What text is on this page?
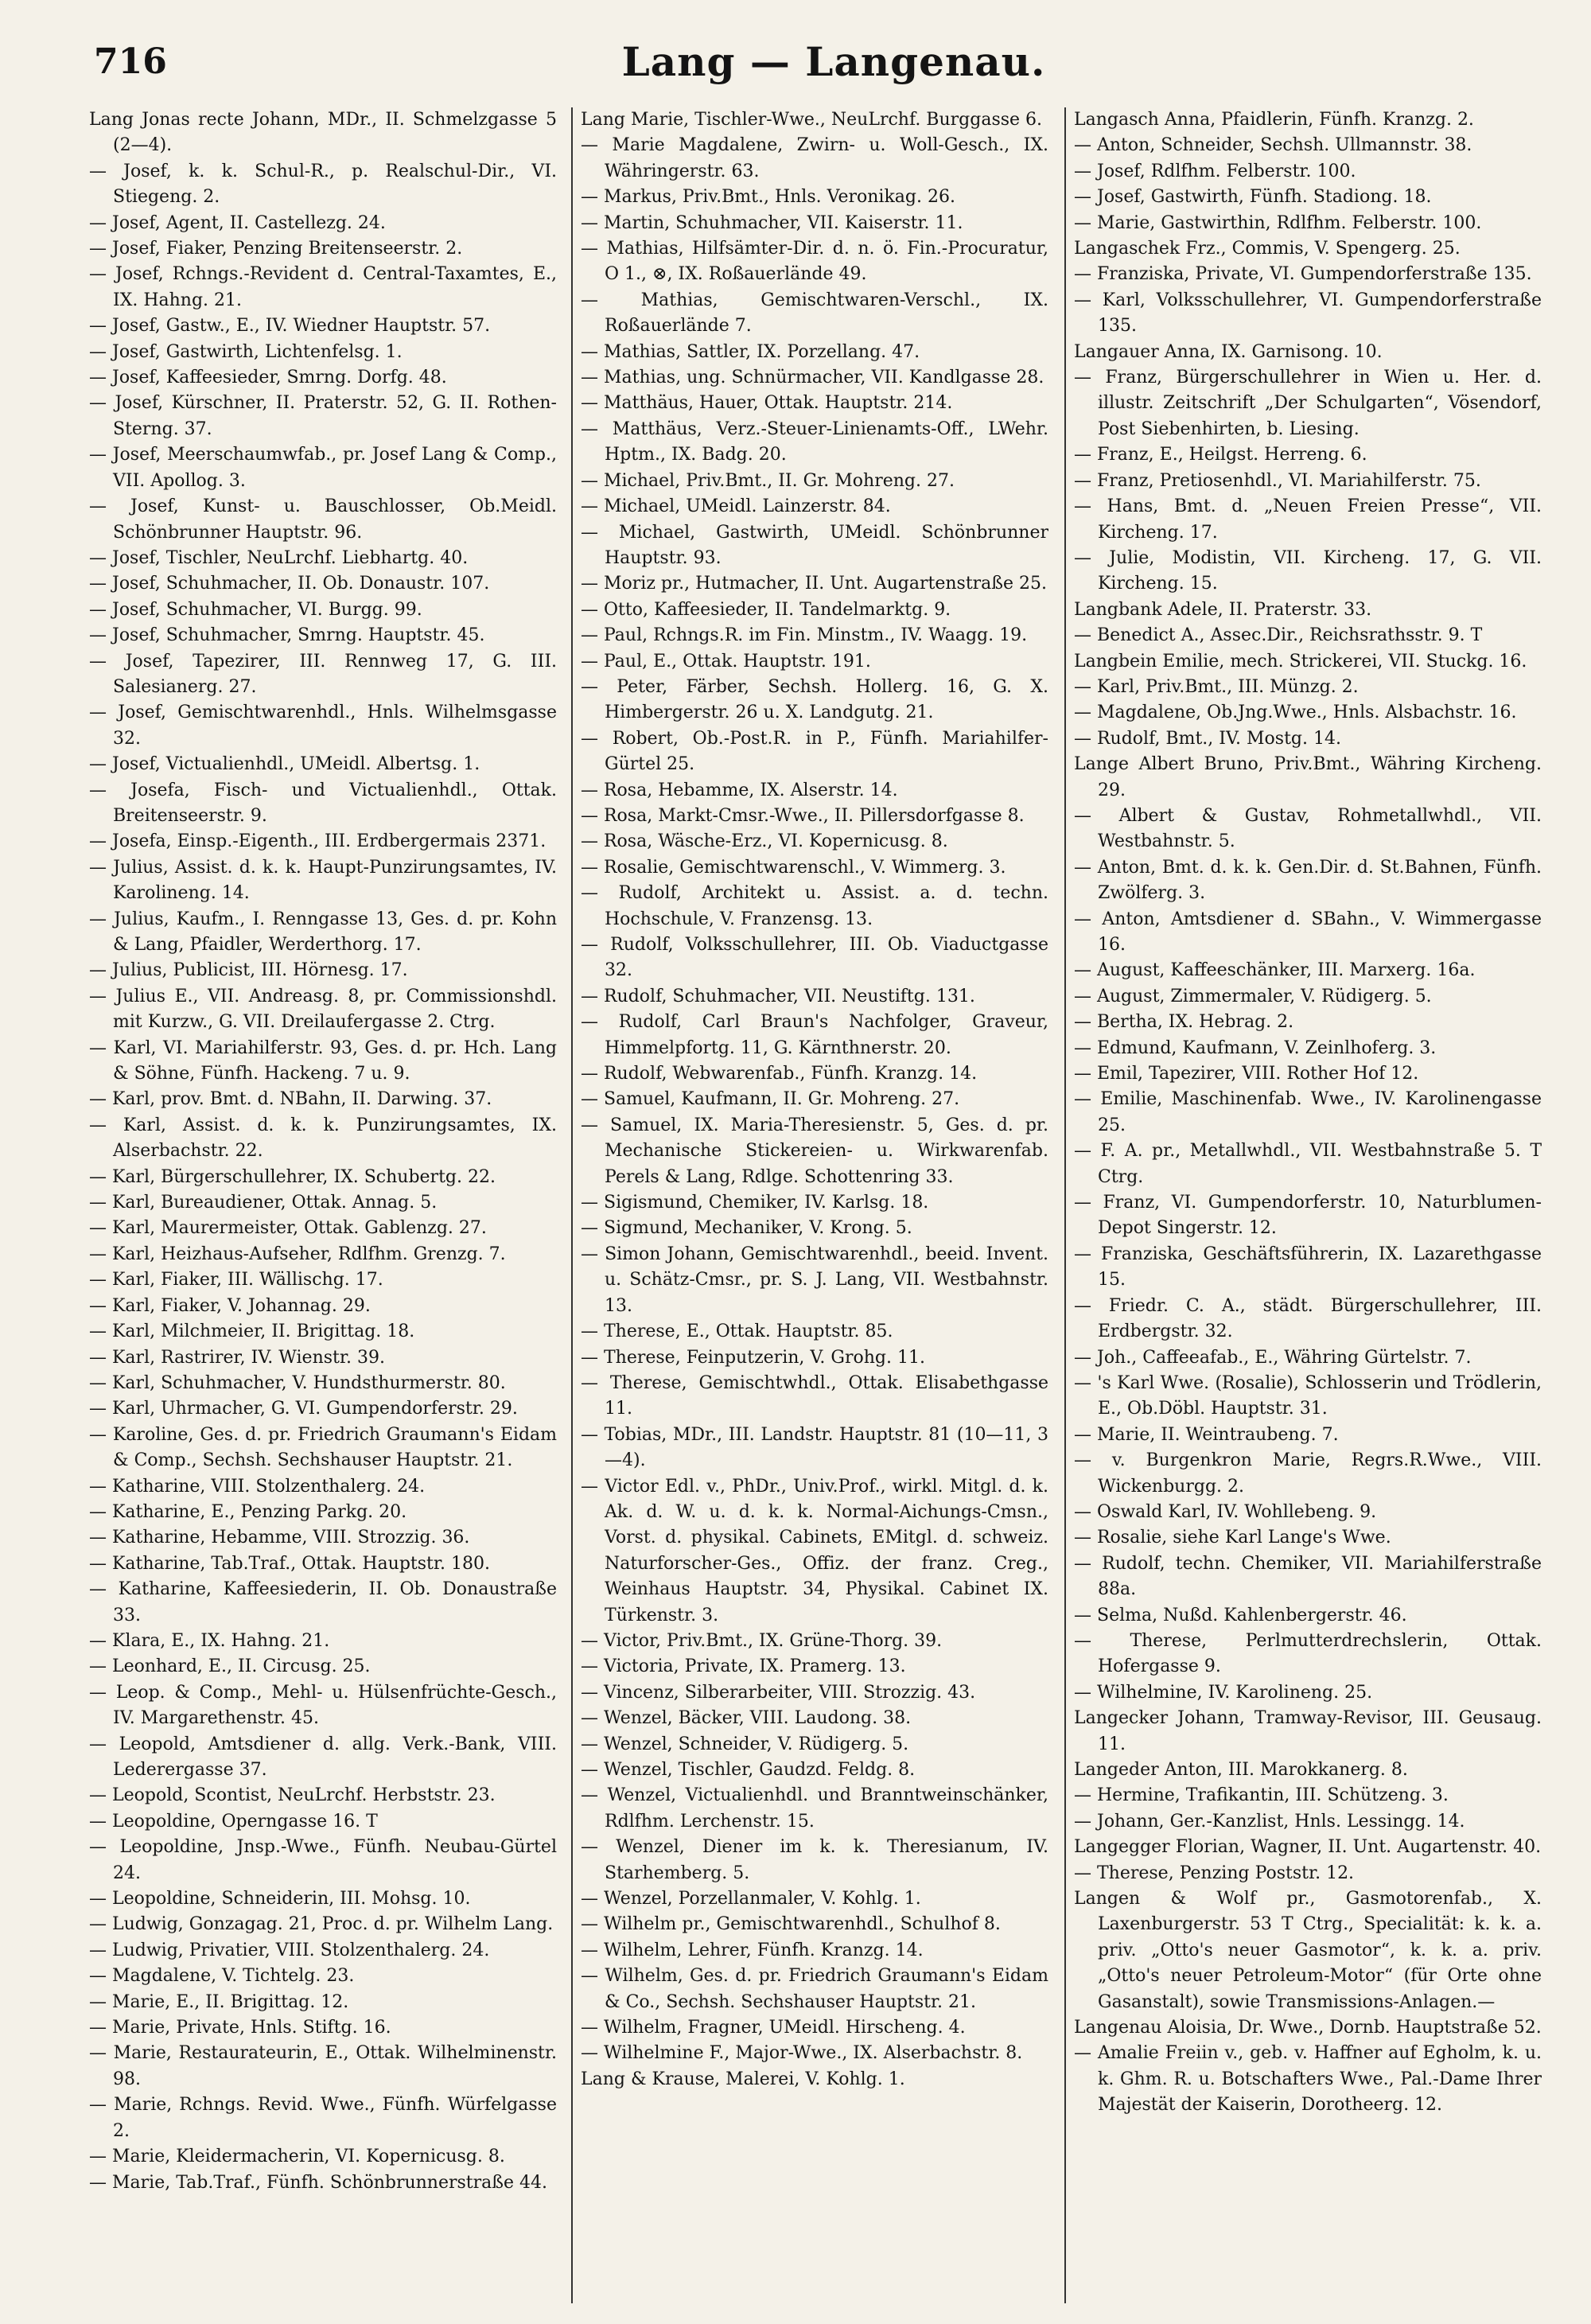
716	Lang — Langenau.

Lang Jonas recte Johann, MDr., II. Schmelzgasse 5 (2—4).

— Josef, k. k. Schul-R., p. Realschul-Dir., VI. Stiegeng. 2.

— Josef, Agent, II. Castellezg. 24.

— Josef, Fiaker, Penzing Breitenseerstr. 2.

— Josef, Rchngs.-Revident d. Central-Taxamtes, E., IX. Hahng. 21.

— Josef, Gastw., E., IV. Wiedner Hauptstr. 57.

— Josef, Gastwirth, Lichtenfelsg. 1.

— Josef, Kaffeesieder, Smrng. Dorfg. 48.

— Josef, Kürschner, II. Praterstr. 52, G. II. Rothen-Sterng. 37.

— Josef, Meerschaumwfab., pr. Josef Lang & Comp., VII. Apollog. 3.

— Josef, Kunst- u. Bauschlosser, Ob.Meidl. Schönbrunner Hauptstr. 96.

— Josef, Tischler, NeuLrchf. Liebhartg. 40.

— Josef, Schuhmacher, II. Ob. Donaustr. 107.

— Josef, Schuhmacher, VI. Burgg. 99.

— Josef, Schuhmacher, Smrng. Hauptstr. 45.

— Josef, Tapezirer, III. Rennweg 17, G. III. Salesianerg. 27.

— Josef, Gemischtwarenhdl., Hnls. Wilhelmsgasse 32.

— Josef, Victualienhdl., UMeidl. Albertsg. 1.

— Josefa, Fisch- und Victualienhdl., Ottak. Breitenseerstr. 9.

— Josefa, Einsp.-Eigenth., III. Erdbergermais 2371.

— Julius, Assist. d. k. k. Haupt-Punzirungsamtes, IV. Karolineng. 14.

— Julius, Kaufm., I. Renngasse 13, Ges. d. pr. Kohn & Lang, Pfaidler, Werderthorg. 17.

— Julius, Publicist, III. Hörnesg. 17.

— Julius E., VII. Andreasg. 8, pr. Commissionshdl. mit Kurzw., G. VII. Dreilaufergasse 2. Ctrg.

— Karl, VI. Mariahilferstr. 93, Ges. d. pr. Hch. Lang & Söhne, Fünfh. Hackeng. 7 u. 9.

— Karl, prov. Bmt. d. NBahn, II. Darwing. 37.

— Karl, Assist. d. k. k. Punzirungsamtes, IX. Alserbachstr. 22.

— Karl, Bürgerschullehrer, IX. Schubertg. 22.

— Karl, Bureaudiener, Ottak. Annag. 5.

— Karl, Maurermeister, Ottak. Gablenzg. 27.

— Karl, Heizhaus-Aufseher, Rdlfhm. Grenzg. 7.

— Karl, Fiaker, III. Wällischg. 17.

— Karl, Fiaker, V. Johannag. 29.

— Karl, Milchmeier, II. Brigittag. 18.

— Karl, Rastrirer, IV. Wienstr. 39.

— Karl, Schuhmacher, V. Hundsthurmerstr. 80.

— Karl, Uhrmacher, G. VI. Gumpendorferstr. 29.

— Karoline, Ges. d. pr. Friedrich Graumann's Eidam & Comp., Sechsh. Sechshauser Hauptstr. 21.

— Katharine, VIII. Stolzenthalerg. 24.

— Katharine, E., Penzing Parkg. 20.

— Katharine, Hebamme, VIII. Strozzig. 36.

— Katharine, Tab.Traf., Ottak. Hauptstr. 180.

— Katharine, Kaffeesiederin, II. Ob. Donaustraße 33.

— Klara, E., IX. Hahng. 21.

— Leonhard, E., II. Circusg. 25.

— Leop. & Comp., Mehl- u. Hülsenfrüchte-Gesch., IV. Margarethenstr. 45.

— Leopold, Amtsdiener d. allg. Verk.-Bank, VIII. Lederergasse 37.

— Leopold, Scontist, NeuLrchf. Herbststr. 23.

— Leopoldine, Operngasse 16. T

— Leopoldine, Jnsp.-Wwe., Fünfh. Neubau-Gürtel 24.

— Leopoldine, Schneiderin, III. Mohsg. 10.

— Ludwig, Gonzagag. 21, Proc. d. pr. Wilhelm Lang.

— Ludwig, Privatier, VIII. Stolzenthalerg. 24.

— Magdalene, V. Tichtelg. 23.

— Marie, E., II. Brigittag. 12.

— Marie, Private, Hnls. Stiftg. 16.

— Marie, Restaurateurin, E., Ottak. Wilhelminenstr. 98.

— Marie, Rchngs. Revid. Wwe., Fünfh. Würfelgasse 2.

— Marie, Kleidermacherin, VI. Kopernicusg. 8.

— Marie, Tab.Traf., Fünfh. Schönbrunnerstraße 44.

Lang Marie, Tischler-Wwe., NeuLrchf. Burggasse 6.

— Marie Magdalene, Zwirn- u. Woll-Gesch., IX. Währingerstr. 63.

— Markus, Priv.Bmt., Hnls. Veronikag. 26.

— Martin, Schuhmacher, VII. Kaiserstr. 11.

— Mathias, Hilfsämter-Dir. d. n. ö. Fin.-Procuratur, O 1., ⊗, IX. Roßauerlände 49.

— Mathias, Gemischtwaren-Verschl., IX. Roßauerlände 7.

— Mathias, Sattler, IX. Porzellang. 47.

— Mathias, ung. Schnürmacher, VII. Kandlgasse 28.

— Matthäus, Hauer, Ottak. Hauptstr. 214.

— Matthäus, Verz.-Steuer-Linienamts-Off., LWehr. Hptm., IX. Badg. 20.

— Michael, Priv.Bmt., II. Gr. Mohreng. 27.

— Michael, UMeidl. Lainzerstr. 84.

— Michael, Gastwirth, UMeidl. Schönbrunner Hauptstr. 93.

— Moriz pr., Hutmacher, II. Unt. Augartenstraße 25.

— Otto, Kaffeesieder, II. Tandelmarktg. 9.

— Paul, Rchngs.R. im Fin. Minstm., IV. Waagg. 19.

— Paul, E., Ottak. Hauptstr. 191.

— Peter, Färber, Sechsh. Hollerg. 16, G. X. Himbergerstr. 26 u. X. Landgutg. 21.

— Robert, Ob.-Post.R. in P., Fünfh. Mariahilfer-Gürtel 25.

— Rosa, Hebamme, IX. Alserstr. 14.

— Rosa, Markt-Cmsr.-Wwe., II. Pillersdorfgasse 8.

— Rosa, Wäsche-Erz., VI. Kopernicusg. 8.

— Rosalie, Gemischtwarenschl., V. Wimmerg. 3.

— Rudolf, Architekt u. Assist. a. d. techn. Hochschule, V. Franzensg. 13.

— Rudolf, Volksschullehrer, III. Ob. Viaductgasse 32.

— Rudolf, Schuhmacher, VII. Neustiftg. 131.

— Rudolf, Carl Braun's Nachfolger, Graveur, Himmelpfortg. 11, G. Kärnthnerstr. 20.

— Rudolf, Webwarenfab., Fünfh. Kranzg. 14.

— Samuel, Kaufmann, II. Gr. Mohreng. 27.

— Samuel, IX. Maria-Theresienstr. 5, Ges. d. pr. Mechanische Stickereien- u. Wirkwarenfab. Perels & Lang, Rdlge. Schottenring 33.

— Sigismund, Chemiker, IV. Karlsg. 18.

— Sigmund, Mechaniker, V. Krong. 5.

— Simon Johann, Gemischtwarenhdl., beeid. Invent. u. Schätz-Cmsr., pr. S. J. Lang, VII. Westbahnstr. 13.

— Therese, E., Ottak. Hauptstr. 85.

— Therese, Feinputzerin, V. Grohg. 11.

— Therese, Gemischtwhdl., Ottak. Elisabethgasse 11.

— Tobias, MDr., III. Landstr. Hauptstr. 81 (10—11, 3—4).

— Victor Edl. v., PhDr., Univ.Prof., wirkl. Mitgl. d. k. Ak. d. W. u. d. k. k. Normal-Aichungs-Cmsn., Vorst. d. physikal. Cabinets, EMitgl. d. schweiz. Naturforscher-Ges., Offiz. der franz. Creg., Weinhaus Hauptstr. 34, Physikal. Cabinet IX. Türkenstr. 3.

— Victor, Priv.Bmt., IX. Grüne-Thorg. 39.

— Victoria, Private, IX. Pramerg. 13.

— Vincenz, Silberarbeiter, VIII. Strozzig. 43.

— Wenzel, Bäcker, VIII. Laudong. 38.

— Wenzel, Schneider, V. Rüdigerg. 5.

— Wenzel, Tischler, Gaudzd. Feldg. 8.

— Wenzel, Victualienhdl. und Branntweinschänker, Rdlfhm. Lerchenstr. 15.

— Wenzel, Diener im k. k. Theresianum, IV. Starhemberg. 5.

— Wenzel, Porzellanmaler, V. Kohlg. 1.

— Wilhelm pr., Gemischtwarenhdl., Schulhof 8.

— Wilhelm, Lehrer, Fünfh. Kranzg. 14.

— Wilhelm, Ges. d. pr. Friedrich Graumann's Eidam & Co., Sechsh. Sechshauser Hauptstr. 21.

— Wilhelm, Fragner, UMeidl. Hirscheng. 4.

— Wilhelmine F., Major-Wwe., IX. Alserbachstr. 8.

Lang & Krause, Malerei, V. Kohlg. 1.

Langasch Anna, Pfaidlerin, Fünfh. Kranzg. 2.

— Anton, Schneider, Sechsh. Ullmannstr. 38.

— Josef, Rdlfhm. Felberstr. 100.

— Josef, Gastwirth, Fünfh. Stadiong. 18.

— Marie, Gastwirthin, Rdlfhm. Felberstr. 100.

Langaschek Frz., Commis, V. Spengerg. 25.

— Franziska, Private, VI. Gumpendorferstraße 135.

— Karl, Volksschullehrer, VI. Gumpendorferstraße 135.

Langauer Anna, IX. Garnisong. 10.

— Franz, Bürgerschullehrer in Wien u. Her. d. illustr. Zeitschrift „Der Schulgarten“, Vösendorf, Post Siebenhirten, b. Liesing.

— Franz, E., Heilgst. Herreng. 6.

— Franz, Pretiosenhdl., VI. Mariahilferstr. 75.

— Hans, Bmt. d. „Neuen Freien Presse“, VII. Kircheng. 17.

— Julie, Modistin, VII. Kircheng. 17, G. VII. Kircheng. 15.

Langbank Adele, II. Praterstr. 33.

— Benedict A., Assec.Dir., Reichsrathsstr. 9. T

Langbein Emilie, mech. Strickerei, VII. Stuckg. 16.

— Karl, Priv.Bmt., III. Münzg. 2.

— Magdalene, Ob.Jng.Wwe., Hnls. Alsbachstr. 16.

— Rudolf, Bmt., IV. Mostg. 14.

Lange Albert Bruno, Priv.Bmt., Währing Kircheng. 29.

— Albert & Gustav, Rohmetallwhdl., VII. Westbahnstr. 5.

— Anton, Bmt. d. k. k. Gen.Dir. d. St.Bahnen, Fünfh. Zwölferg. 3.

— Anton, Amtsdiener d. SBahn., V. Wimmergasse 16.

— August, Kaffeeschänker, III. Marxerg. 16a.

— August, Zimmermaler, V. Rüdigerg. 5.

— Bertha, IX. Hebrag. 2.

— Edmund, Kaufmann, V. Zeinlhoferg. 3.

— Emil, Tapezirer, VIII. Rother Hof 12.

— Emilie, Maschinenfab. Wwe., IV. Karolinengasse 25.

— F. A. pr., Metallwhdl., VII. Westbahnstraße 5. T Ctrg.

— Franz, VI. Gumpendorferstr. 10, Naturblumen-Depot Singerstr. 12.

— Franziska, Geschäftsführerin, IX. Lazarethgasse 15.

— Friedr. C. A., städt. Bürgerschullehrer, III. Erdbergstr. 32.

— Joh., Caffeeafab., E., Währing Gürtelstr. 7.

— 's Karl Wwe. (Rosalie), Schlosserin und Trödlerin, E., Ob.Döbl. Hauptstr. 31.

— Marie, II. Weintraubeng. 7.

— v. Burgenkron Marie, Regrs.R.Wwe., VIII. Wickenburgg. 2.

— Oswald Karl, IV. Wohllebeng. 9.

— Rosalie, siehe Karl Lange's Wwe.

— Rudolf, techn. Chemiker, VII. Mariahilferstraße 88a.

— Selma, Nußd. Kahlenbergerstr. 46.

— Therese, Perlmutterdrechslerin, Ottak. Hofergasse 9.

— Wilhelmine, IV. Karolineng. 25.

Langecker Johann, Tramway-Revisor, III. Geusaug. 11.

Langeder Anton, III. Marokkanerg. 8.

— Hermine, Trafikantin, III. Schützeng. 3.

— Johann, Ger.-Kanzlist, Hnls. Lessingg. 14.

Langegger Florian, Wagner, II. Unt. Augartenstr. 40.

— Therese, Penzing Poststr. 12.

Langen & Wolf pr., Gasmotorenfab., X. Laxenburgerstr. 53 T Ctrg., Specialität: k. k. a. priv. „Otto's neuer Gasmotor“, k. k. a. priv. „Otto's neuer Petroleum-Motor“ (für Orte ohne Gasanstalt), sowie Transmissions-Anlagen.—

Langenau Aloisia, Dr. Wwe., Dornb. Hauptstraße 52.

— Amalie Freiin v., geb. v. Haffner auf Egholm, k. u. k. Ghm. R. u. Botschafters Wwe., Pal.-Dame Ihrer Majestät der Kaiserin, Dorotheerg. 12.
